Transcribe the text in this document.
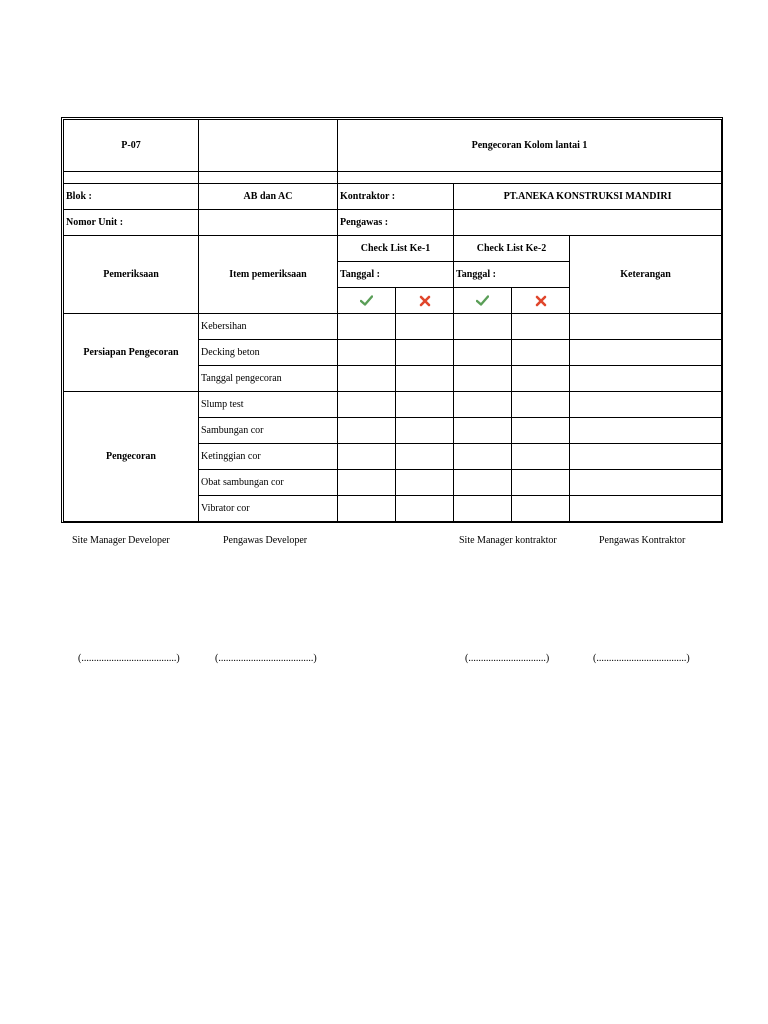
P-07		Pengecoran Kolom lantai 1				

Blok :	AB dan AC	Kontraktor :		PT.ANEKA KONSTRUKSI MANDIRI		
Nomor Unit :		Pengawas :				
Pemeriksaan	Item pemeriksaan	Check List Ke-1		Check List Ke-2		Keterangan
		Tanggal :		Tanggal :		

Persiapan Pengecoran	Kebersihan					
	Decking beton					
	Tanggal pengecoran					
Pengecoran	Slump test					
	Sambungan cor					
	Ketinggian cor					
	Obat sambungan cor					
	Vibrator cor					
Site Manager Developer	Pengawas Developer	Site Manager kontraktor	Pengawas Kontraktor
(......................................)	(......................................)	(...............................)	(....................................)
